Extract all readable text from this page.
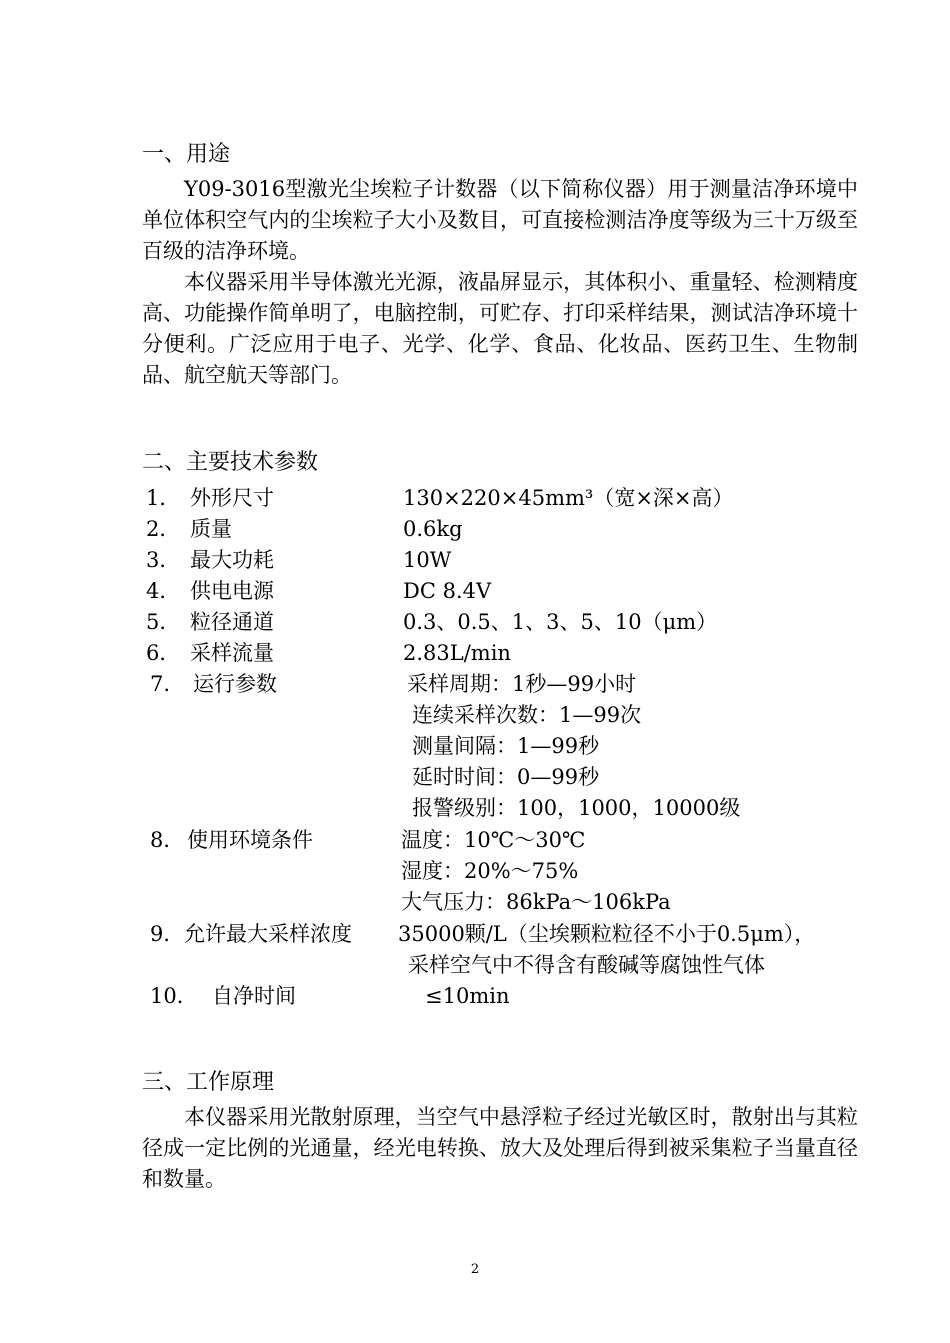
一、用途

Y09-3016型激光尘埃粒子计数器（以下简称仪器）用于测量洁净环境中单位体积空气内的尘埃粒子大小及数目，可直接检测洁净度等级为三十万级至百级的洁净环境。

本仪器采用半导体激光光源，液晶屏显示，其体积小、重量轻、检测精度高、功能操作简单明了，电脑控制，可贮存、打印采样结果，测试洁净环境十分便利。广泛应用于电子、光学、化学、食品、化妆品、医药卫生、生物制品、航空航天等部门。

二、主要技术参数
1． 外形尺寸	130×220×45mm³（宽×深×高）
2． 质量	0.6kg
3． 最大功耗	10W
4． 供电电源	DC 8.4V
5． 粒径通道	0.3、0.5、1、3、5、10（μm）
6． 采样流量	2.83L/min
7.	运行参数	采样周期：1秒—99小时
连续采样次数：1—99次
测量间隔：1—99秒
延时时间：0—99秒
报警级别：100，1000，10000级
8． 使用环境条件	温度：10℃～30℃
湿度：20%～75%
大气压力：86kPa～106kPa
9． 允许最大采样浓度 35000颗/L（尘埃颗粒粒径不小于0.5μm），
采样空气中不得含有酸碱等腐蚀性气体
10． 自净时间	≤10min
三、工作原理

本仪器采用光散射原理，当空气中悬浮粒子经过光敏区时，散射出与其粒径成一定比例的光通量，经光电转换、放大及处理后得到被采集粒子当量直径和数量。

2
